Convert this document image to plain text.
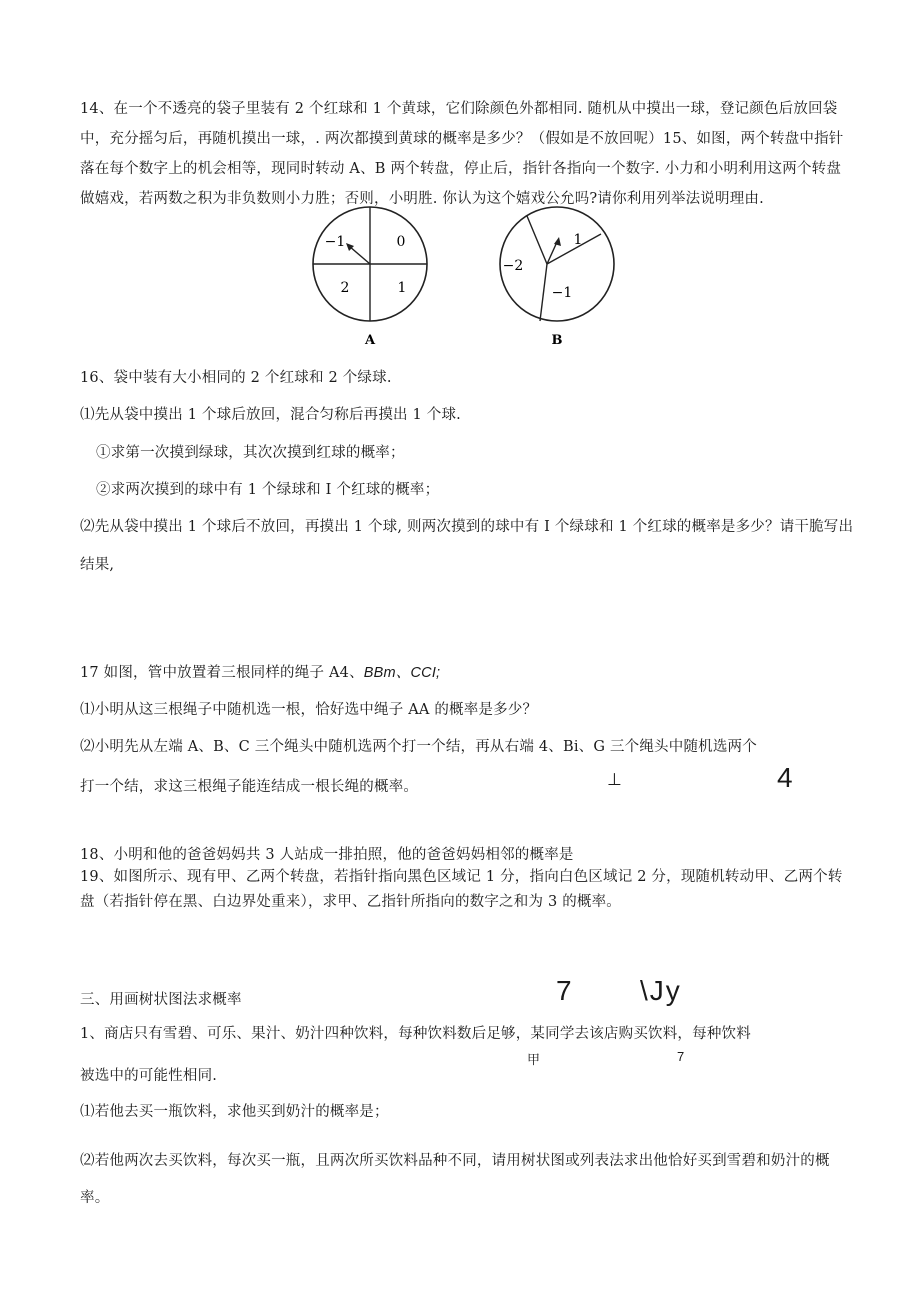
14、在一个不透亮的袋子里装有 2 个红球和 1 个黄球，它们除颜色外都相同. 随机从中摸出一球，登记颜色后放回袋
中，充分摇匀后，再随机摸出一球，. 两次都摸到黄球的概率是多少？（假如是不放回呢）15、如图，两个转盘中指针
落在每个数字上的机会相等，现同时转动 A、B 两个转盘，停止后，指针各指向一个数字. 小力和小明利用这两个转盘
做嬉戏，若两数之积为非负数则小力胜；否则，小明胜. 你认为这个嬉戏公允吗?请你利用列举法说明理由.
−1	0
2	1
A
1
−2
−1
B
16、袋中装有大小相同的 2 个红球和 2 个绿球.
⑴先从袋中摸出 1 个球后放回，混合匀称后再摸出 1 个球.
①求第一次摸到绿球，其次次摸到红球的概率；
②求两次摸到的球中有 1 个绿球和 I 个红球的概率；
⑵先从袋中摸出 1 个球后不放回，再摸出 1 个球, 则两次摸到的球中有 I 个绿球和 1 个红球的概率是多少？请干脆写出
结果,
17 如图，管中放置着三根同样的绳子 A4、BBт、CCI;
⑴小明从这三根绳子中随机选一根，恰好选中绳子 AA 的概率是多少？
⑵小明先从左端 A、B、C 三个绳头中随机选两个打一个结，再从右端 4、Bi、G 三个绳头中随机选两个
打一个结，求这三根绳子能连结成一根长绳的概率。	⊥	4
18、小明和他的爸爸妈妈共 3 人站成一排拍照，他的爸爸妈妈相邻的概率是
19、如图所示、现有甲、乙两个转盘，若指针指向黑色区域记 1 分，指向白色区域记 2 分，现随机转动甲、乙两个转
盘（若指针停在黑、白边界处重来），求甲、乙指针所指向的数字之和为 3 的概率。
三、用画树状图法求概率	7 \Jy
1、商店只有雪碧、可乐、果汁、奶汁四种饮料，每种饮料数后足够，某同学去该店购买饮料，每种饮料
甲	7
被选中的可能性相同.
⑴若他去买一瓶饮料，求他买到奶汁的概率是；
⑵若他两次去买饮料，每次买一瓶，且两次所买饮料品种不同，请用树状图或列表法求出他恰好买到雪碧和奶汁的概
率。
